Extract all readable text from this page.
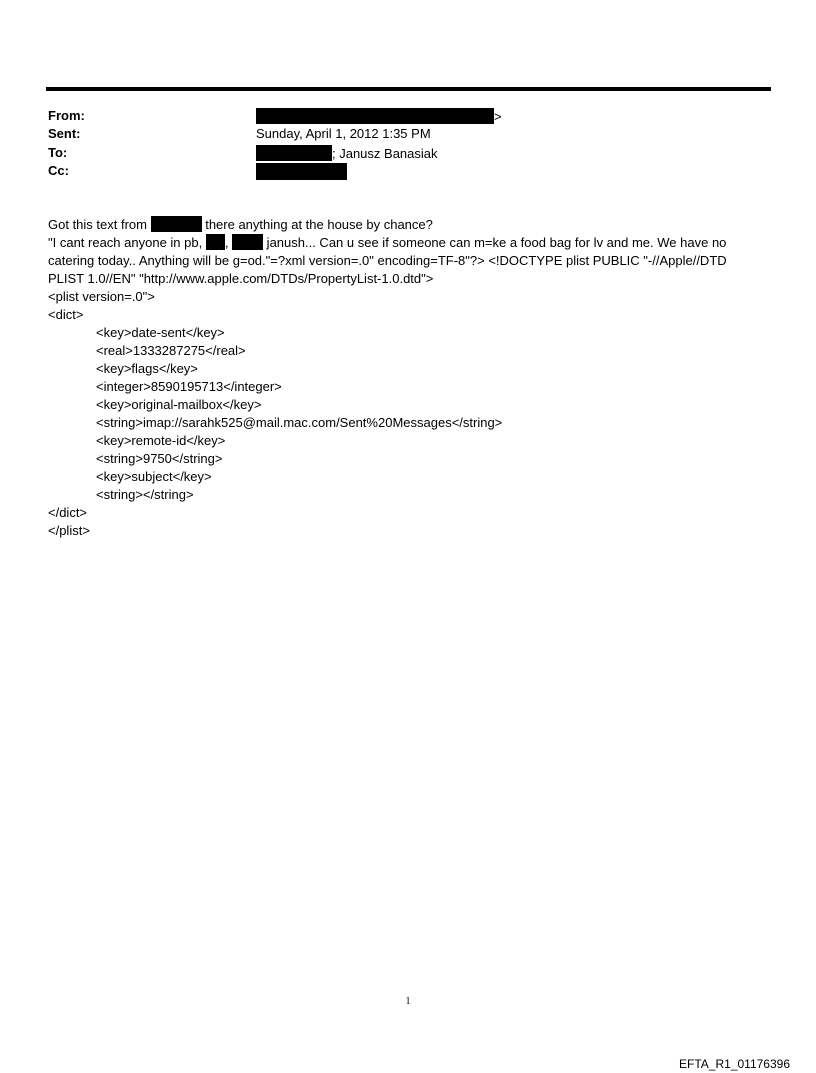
From:
Sent:
To:
Cc:
>
Sunday, April 1, 2012 1:35 PM
; Janusz Banasiak
Got this text from	there anything at the house by chance?
"I cant reach anyone in pb, ,  janush... Can u see if someone can m=ke a food bag for lv and me. We have no
catering today.. Anything will be g=od."=?xml version=.0" encoding=TF-8"?> <!DOCTYPE plist PUBLIC "-//Apple//DTD
PLIST 1.0//EN" "http://www.apple.com/DTDs/PropertyList-1.0.dtd">
<plist version=.0">
<dict>
<key>date-sent</key>
<real>1333287275</real>
<key>flags</key>
<integer>8590195713</integer>
<key>original-mailbox</key>
<string>imap://sarahk525@mail.mac.com/Sent%20Messages</string>
<key>remote-id</key>
<string>9750</string>
<key>subject</key>
<string></string>
</dict>
</plist>
1
EFTA_R1_01176396
